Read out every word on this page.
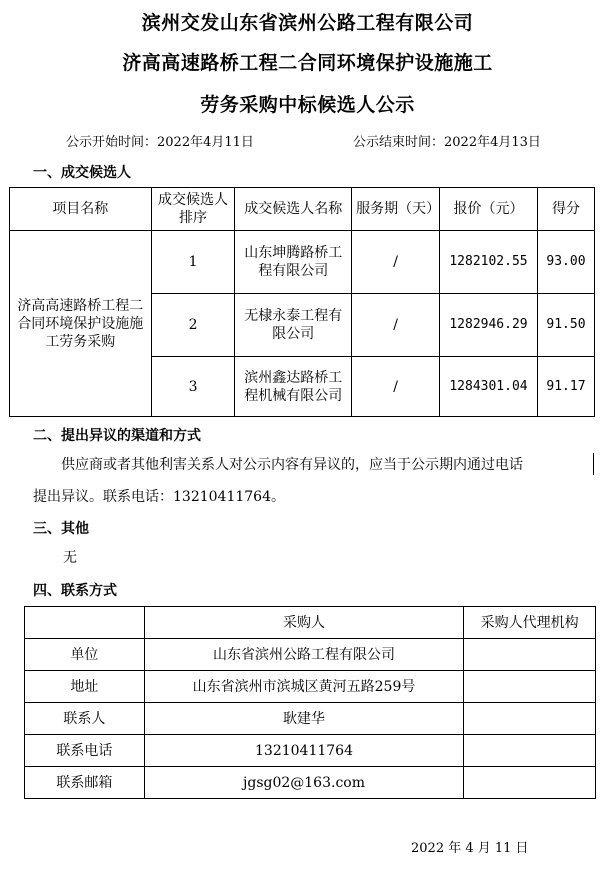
滨州交发山东省滨州公路工程有限公司
济高高速路桥工程二合同环境保护设施施工
劳务采购中标候选人公示
公示开始时间：2022年4月11日	公示结束时间：2022年4月13日
一、成交候选人
项目名称	成交候选人排序	成交候选人名称	服务期（天）	报价（元）	得分
济高高速路桥工程二合同环境保护设施施工劳务采购	1	山东坤腾路桥工程有限公司	/	1282102.55	93.00
	2	无棣永泰工程有限公司	/	1282946.29	91.50
	3	滨州鑫达路桥工程机械有限公司	/	1284301.04	91.17
二、提出异议的渠道和方式
供应商或者其他利害关系人对公示内容有异议的，应当于公示期内通过电话
提出异议。联系电话：13210411764。
三、其他
无
四、联系方式
	采购人	采购人代理机构
单位	山东省滨州公路工程有限公司	
地址	山东省滨州市滨城区黄河五路259号	
联系人	耿建华	
联系电话	13210411764	
联系邮箱	jgsg02@163.com	
2022 年 4 月 11 日
